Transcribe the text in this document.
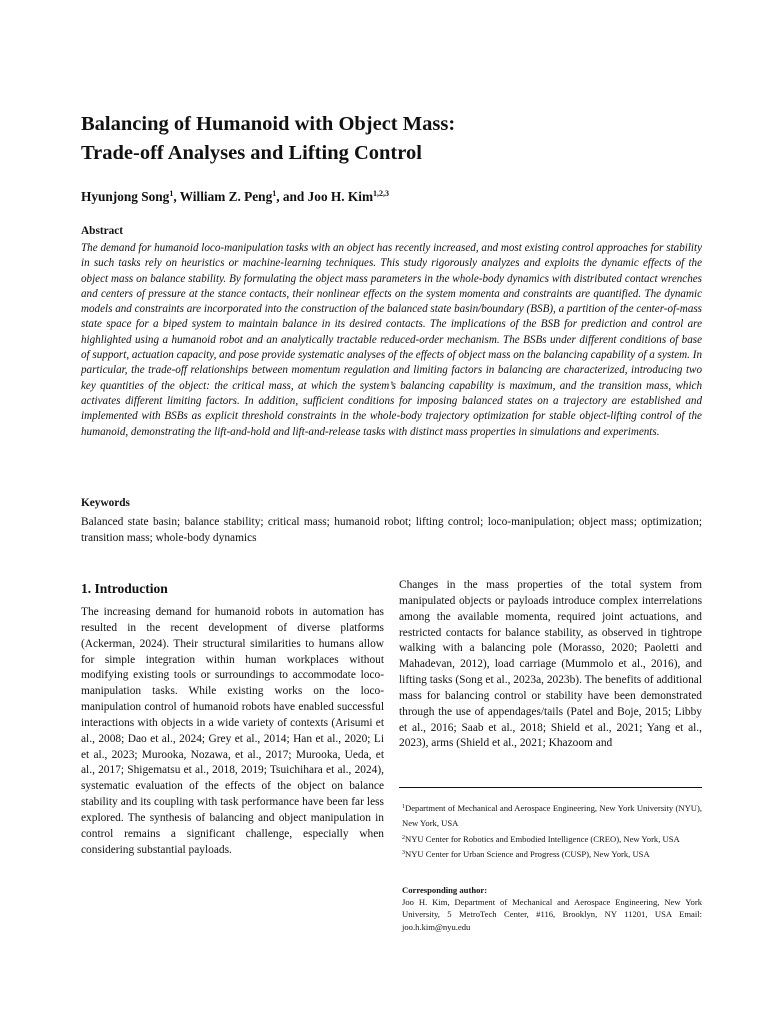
Balancing of Humanoid with Object Mass:
Trade-off Analyses and Lifting Control

Hyunjong Song$^1$, William Z. Peng$^1$, and Joo H. Kim$^{1,2,3}$

Abstract

The demand for humanoid loco-manipulation tasks with an object has recently increased, and most existing control approaches for stability in such tasks rely on heuristics or machine-learning techniques. This study rigorously analyzes and exploits the dynamic effects of the object mass on balance stability. By formulating the object mass parameters in the whole-body dynamics with distributed contact wrenches and centers of pressure at the stance contacts, their nonlinear effects on the system momenta and constraints are quantified. The dynamic models and constraints are incorporated into the construction of the balanced state basin/boundary (BSB), a partition of the center-of-mass state space for a biped system to maintain balance in its desired contacts. The implications of the BSB for prediction and control are highlighted using a humanoid robot and an analytically tractable reduced-order mechanism. The BSBs under different conditions of base of support, actuation capacity, and pose provide systematic analyses of the effects of object mass on the balancing capability of a system. In particular, the trade-off relationships between momentum regulation and limiting factors in balancing are characterized, introducing two key quantities of the object: the critical mass, at which the system’s balancing capability is maximum, and the transition mass, which activates different limiting factors. In addition, sufficient conditions for imposing balanced states on a trajectory are established and implemented with BSBs as explicit threshold constraints in the whole-body trajectory optimization for stable object-lifting control of the humanoid, demonstrating the lift-and-hold and lift-and-release tasks with distinct mass properties in simulations and experiments.

Keywords

Balanced state basin; balance stability; critical mass; humanoid robot; lifting control; loco-manipulation; object mass; optimization; transition mass; whole-body dynamics

1. Introduction

The increasing demand for humanoid robots in automation has resulted in the recent development of diverse platforms (Ackerman, 2024). Their structural similarities to humans allow for simple integration within human workplaces without modifying existing tools or surroundings to accommodate loco-manipulation tasks. While existing works on the loco-manipulation control of humanoid robots have enabled successful interactions with objects in a wide variety of contexts (Arisumi et al., 2008; Dao et al., 2024; Grey et al., 2014; Han et al., 2020; Li et al., 2023; Murooka, Nozawa, et al., 2017; Murooka, Ueda, et al., 2017; Shigematsu et al., 2018, 2019; Tsuichihara et al., 2024), systematic evaluation of the effects of the object on balance stability and its coupling with task performance have been far less explored. The synthesis of balancing and object manipulation in control remains a significant challenge, especially when considering substantial payloads.

Changes in the mass properties of the total system from manipulated objects or payloads introduce complex interrelations among the available momenta, required joint actuations, and restricted contacts for balance stability, as observed in tightrope walking with a balancing pole (Morasso, 2020; Paoletti and Mahadevan, 2012), load carriage (Mummolo et al., 2016), and lifting tasks (Song et al., 2023a, 2023b). The benefits of additional mass for balancing control or stability have been demonstrated through the use of appendages/tails (Patel and Boje, 2015; Libby et al., 2016; Saab et al., 2018; Shield et al., 2021; Yang et al., 2023), arms (Shield et al., 2021; Khazoom and

$^1$Department of Mechanical and Aerospace Engineering, New York University (NYU), New York, USA

$^2$NYU Center for Robotics and Embodied Intelligence (CREO), New York, USA

$^3$NYU Center for Urban Science and Progress (CUSP), New York, USA

Corresponding author:
Joo H. Kim, Department of Mechanical and Aerospace Engineering, New York University, 5 MetroTech Center, #116, Brooklyn, NY 11201, USA Email: joo.h.kim@nyu.edu
